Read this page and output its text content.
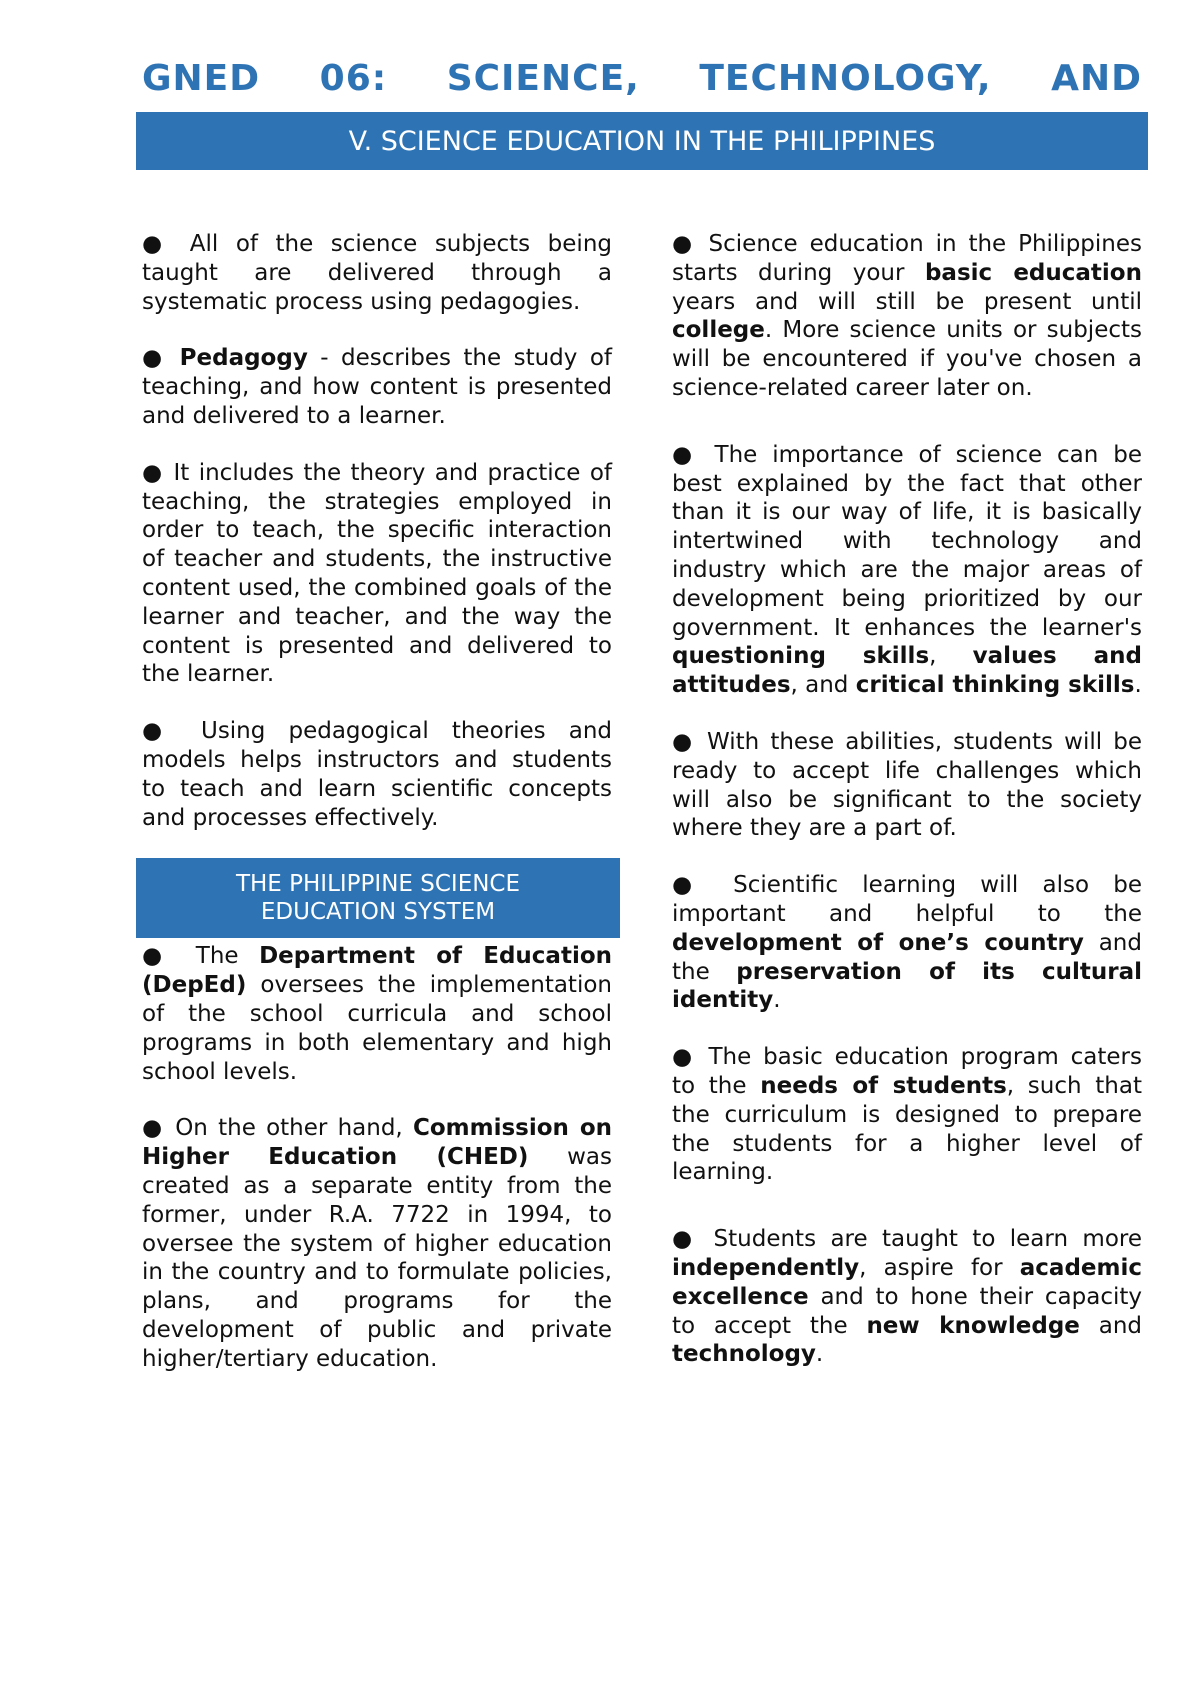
GNED 06: SCIENCE, TECHNOLOGY, AND
V. SCIENCE EDUCATION IN THE PHILIPPINES

● All of the science subjects being taught are delivered through a systematic process using pedagogies.

● Pedagogy - describes the study of teaching, and how content is presented and delivered to a learner.

● It includes the theory and practice of teaching, the strategies employed in order to teach, the specific interaction of teacher and students, the instructive content used, the combined goals of the learner and teacher, and the way the content is presented and delivered to the learner.

● Using pedagogical theories and models helps instructors and students to teach and learn scientific concepts and processes effectively.

THE PHILIPPINE SCIENCE
EDUCATION SYSTEM

● The Department of Education (DepEd) oversees the implementation of the school curricula and school programs in both elementary and high school levels.

● On the other hand, Commission on Higher Education (CHED) was created as a separate entity from the former, under R.A. 7722 in 1994, to oversee the system of higher education in the country and to formulate policies, plans, and programs for the development of public and private higher/tertiary education.

● Science education in the Philippines starts during your basic education years and will still be present until college. More science units or subjects will be encountered if you've chosen a science-related career later on.

● The importance of science can be best explained by the fact that other than it is our way of life, it is basically intertwined with technology and industry which are the major areas of development being prioritized by our government. It enhances the learner's questioning skills, values and attitudes, and critical thinking skills.

● With these abilities, students will be ready to accept life challenges which will also be significant to the society where they are a part of.

● Scientific learning will also be important and helpful to the development of one’s country and the preservation of its cultural identity.

● The basic education program caters to the needs of students, such that the curriculum is designed to prepare the students for a higher level of learning.

● Students are taught to learn more independently, aspire for academic excellence and to hone their capacity to accept the new knowledge and technology.
